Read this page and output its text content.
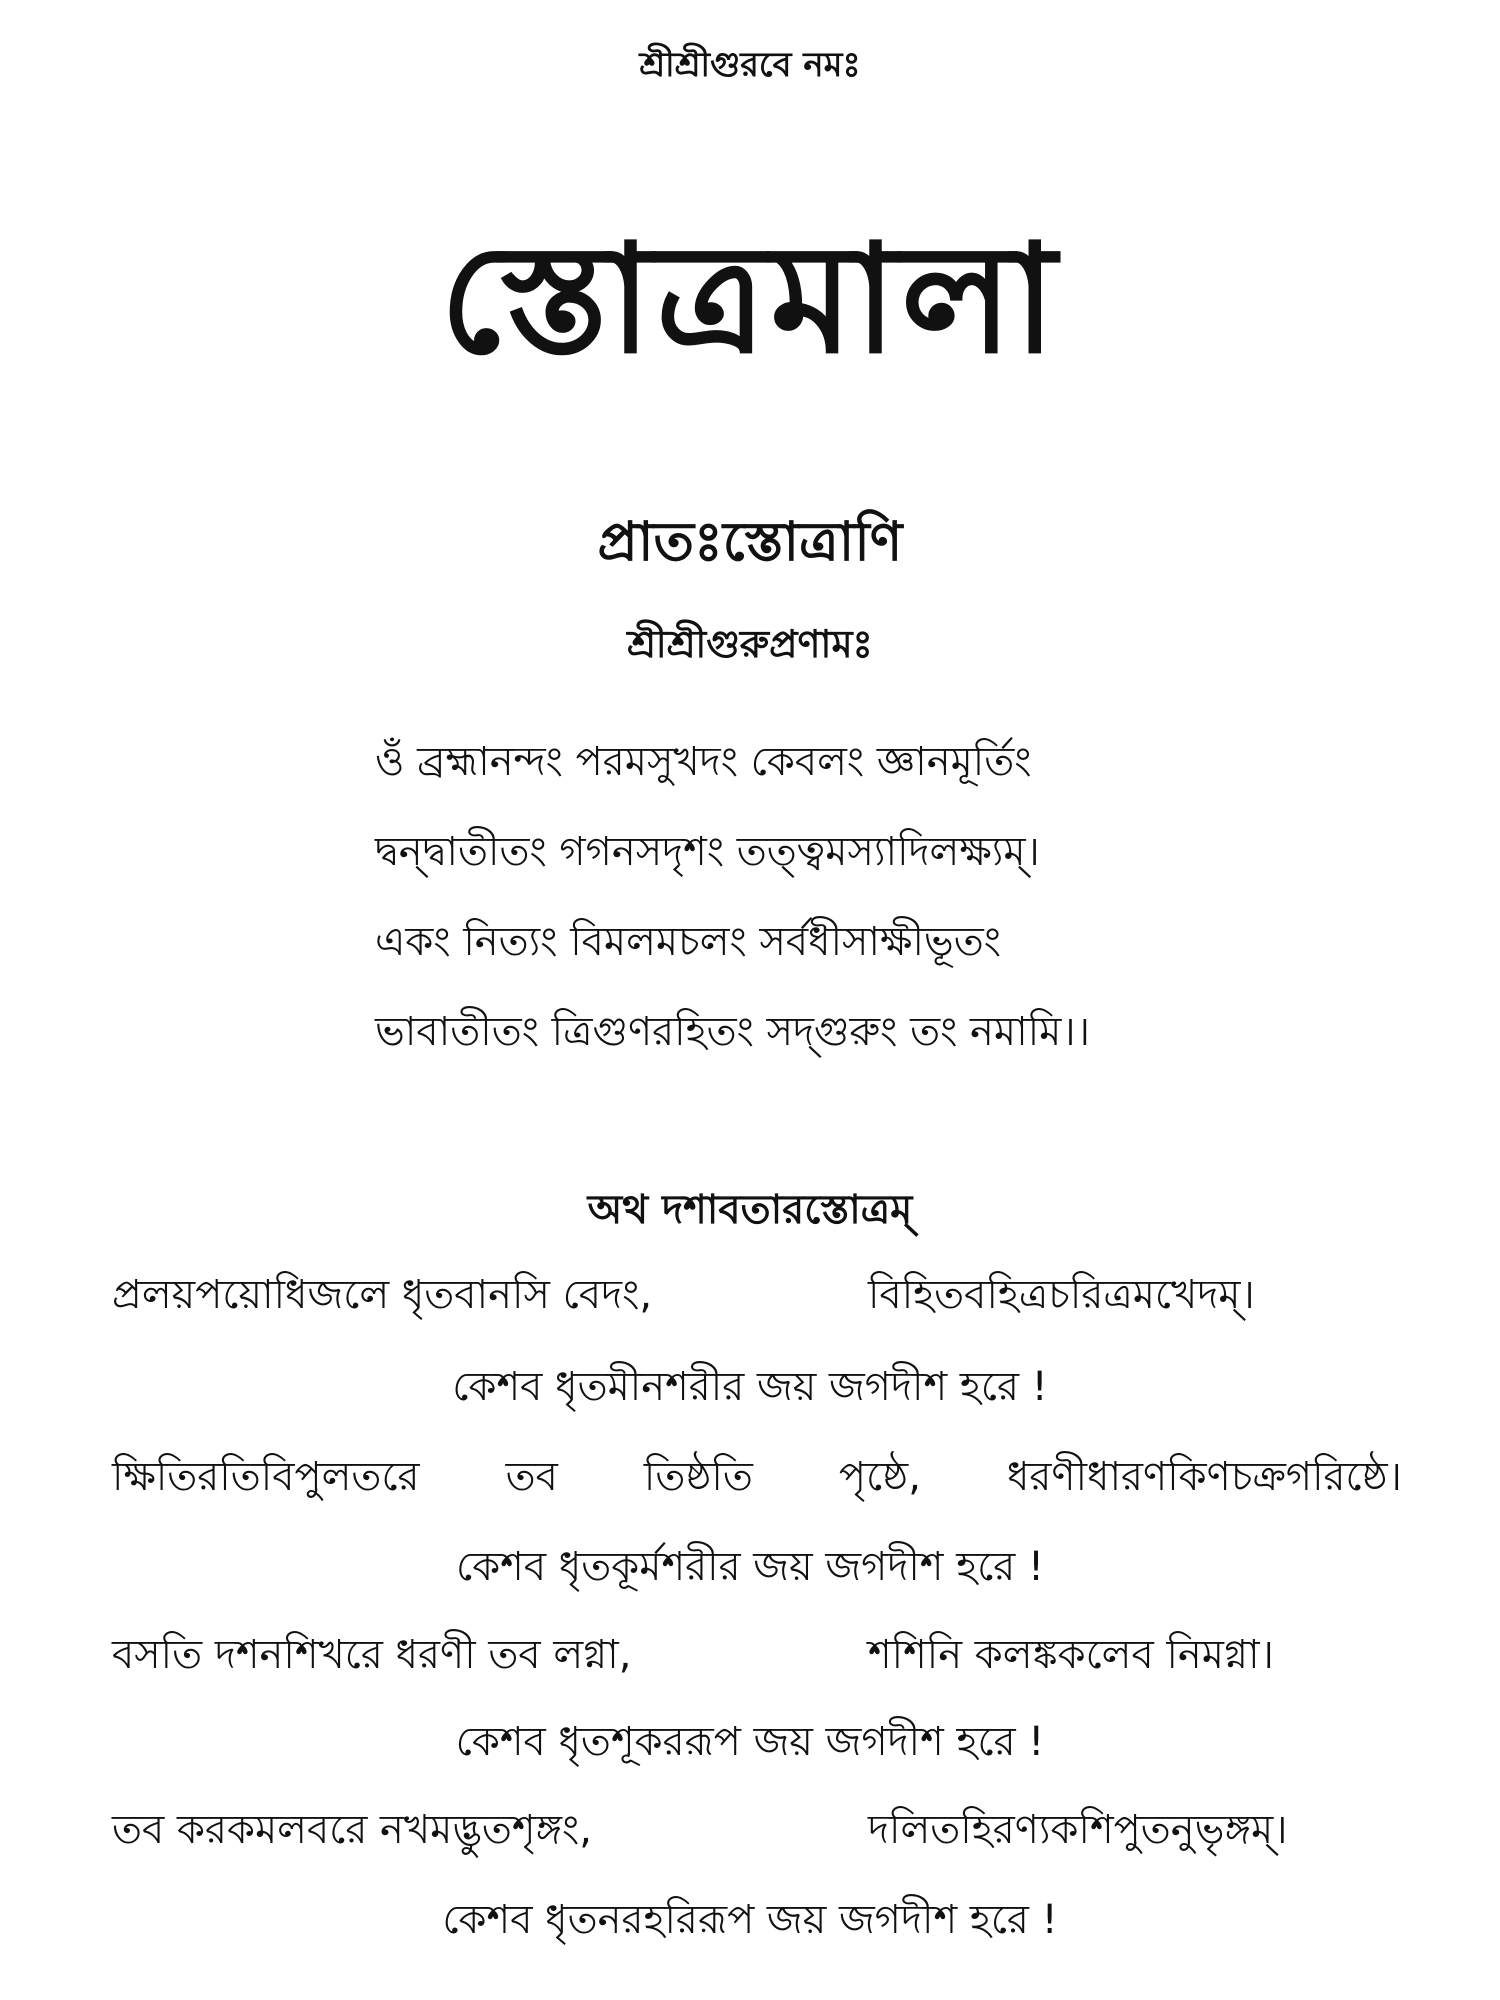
শ্রীশ্রীগুরবে নমঃ
স্তোত্রমালা
প্রাতঃস্তোত্রাণি
শ্রীশ্রীগুরুপ্রণামঃ
ওঁ ব্রহ্মানন্দং পরমসুখদং কেবলং জ্ঞানমূর্তিং
দ্বন্দ্বাতীতং গগনসদৃশং তত্ত্বমস্যাদিলক্ষ্যম্।
একং নিত্যং বিমলমচলং সর্বধীসাক্ষীভূতং
ভাবাতীতং ত্রিগুণরহিতং সদ্গুরুং তং নমামি।।
অথ দশাবতারস্তোত্রম্
প্রলয়পয়োধিজলে ধৃতবানসি বেদং,	বিহিতবহিত্রচরিত্রমখেদম্।
কেশব ধৃতমীনশরীর জয় জগদীশ হরে !
ক্ষিতিরতিবিপুলতরে তব তিষ্ঠতি পৃষ্ঠে, ধরণীধারণকিণচক্রগরিষ্ঠে।
কেশব ধৃতকূর্মশরীর জয় জগদীশ হরে !
বসতি দশনশিখরে ধরণী তব লগ্না,	শশিনি কলঙ্ককলেব নিমগ্না।
কেশব ধৃতশূকররূপ জয় জগদীশ হরে !
তব করকমলবরে নখমদ্ভুতশৃঙ্গং,	দলিতহিরণ্যকশিপুতনুভৃঙ্গম্।
কেশব ধৃতনরহরিরূপ জয় জগদীশ হরে !
